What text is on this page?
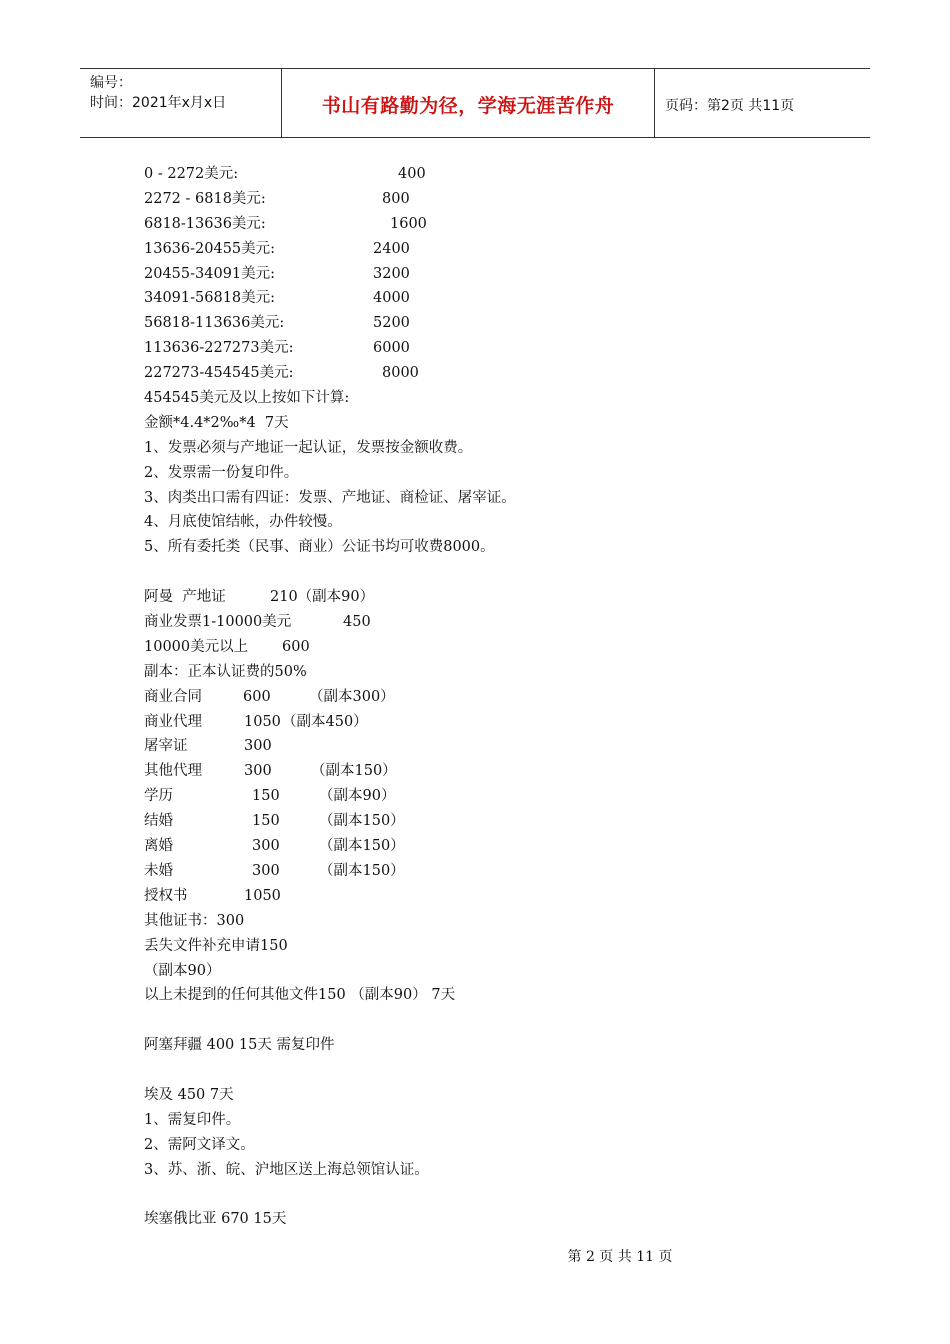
编号：
时间：2021年x月x日	书山有路勤为径，学海无涯苦作舟	页码：第2页 共11页
0 - 2272美元:	400
2272 - 6818美元:	800
6818-13636美元:	1600
13636-20455美元:	2400
20455-34091美元:	3200
34091-56818美元:	4000
56818-113636美元:	5200
113636-227273美元:	6000
227273-454545美元:	8000
454545美元及以上按如下计算:
金额*4.4*2‰*4  7天
1、发票必须与产地证一起认证，发票按金额收费。
2、发票需一份复印件。
3、肉类出口需有四证：发票、产地证、商检证、屠宰证。
4、月底使馆结帐，办件较慢。
5、所有委托类（民事、商业）公证书均可收费8000。
阿曼  产地证	210（副本90）
商业发票1-10000美元	450
10000美元以上 600
副本：正本认证费的50%
商业合同	600	（副本300）
商业代理	1050 （副本450）
屠宰证	300
其他代理	300	（副本150）
学历	150	（副本90）
结婚	150	（副本150）
离婚	300	（副本150）
未婚	300	（副本150）
授权书	1050
其他证书：300
丢失文件补充申请150
（副本90）
以上未提到的任何其他文件150 （副本90） 7天
阿塞拜疆 400 15天 需复印件
埃及 450 7天
1、需复印件。
2、需阿文译文。
3、苏、浙、皖、沪地区送上海总领馆认证。
埃塞俄比亚 670 15天
第 2 页 共 11 页
